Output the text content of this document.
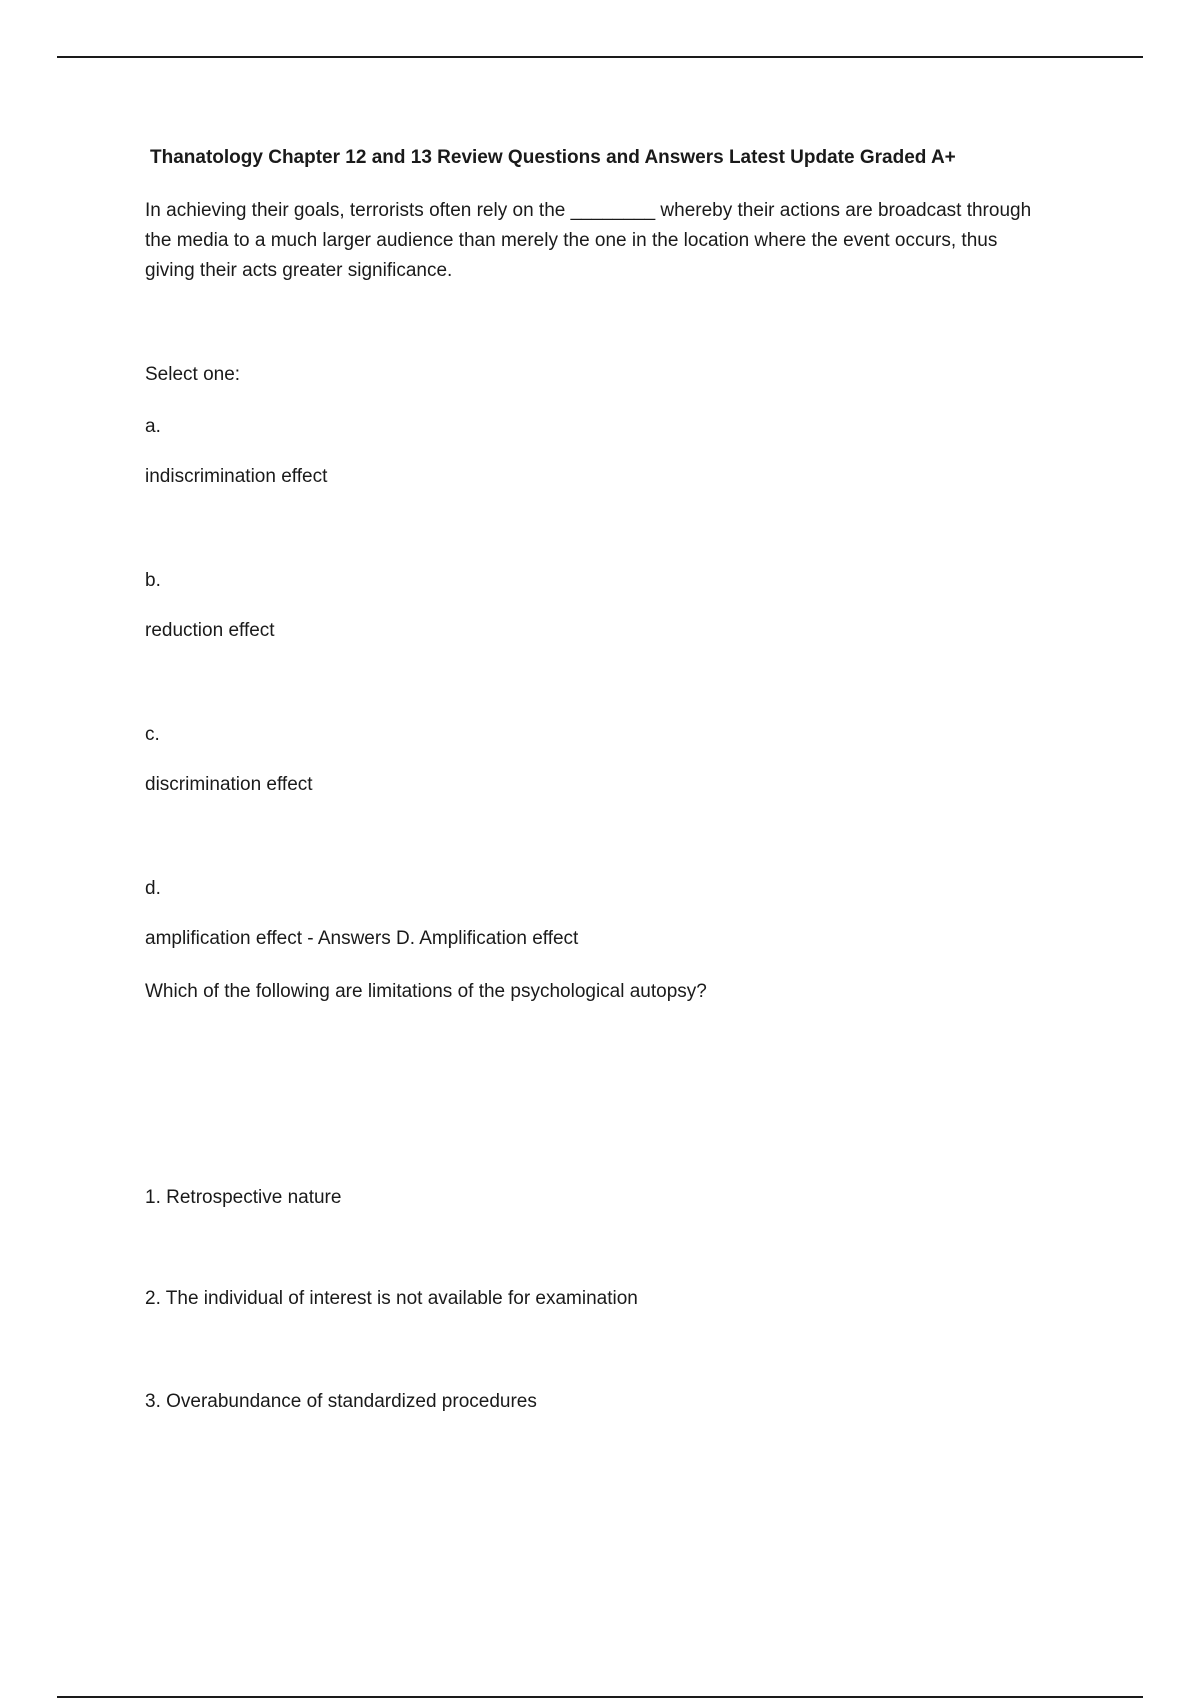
Thanatology Chapter 12 and 13 Review Questions and Answers Latest Update Graded A+

In achieving their goals, terrorists often rely on the ________ whereby their actions are broadcast through the media to a much larger audience than merely the one in the location where the event occurs, thus giving their acts greater significance.

Select one:

a.

indiscrimination effect

b.

reduction effect

c.

discrimination effect

d.

amplification effect - Answers D. Amplification effect

Which of the following are limitations of the psychological autopsy?

1. Retrospective nature

2. The individual of interest is not available for examination

3. Overabundance of standardized procedures
